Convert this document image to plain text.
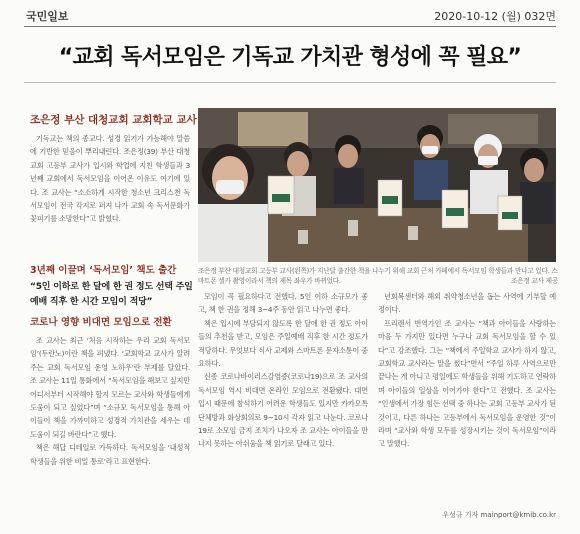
국민일보	2020-10-12 (월) 032면
“교회 독서모임은 기독교 가치관 형성에 꼭 필요”
조은정 부산 대청교회 교회학교 교사

기독교는 책의 종교다. 성경 읽기가 가능해야 말씀에 기반한 믿음이 뿌리내린다. 조은정(39) 부산 대청교회 고등부 교사가 입시와 학업에 지친 학생들과 3년째 교회에서 독서모임을 이어온 이유도 여기에 있다. 조 교사는 “소소하게 시작한 청소년 크리스천 독서모임이 전국 각지로 퍼져 나가 교회 속 독서문화가 꽃피기를 소망한다”고 밝혔다.

3년째 이끌며 ‘독서모임’ 책도 출간
“5인 이하로 한 달에 한 권 정도 선택 주일예배 직후 한 시간 모임이 적당”
코로나 영향 비대면 모임으로 전환

조 교사는 최근 ‘처음 시작하는 우리 교회 독서모임’(두란노)이란 책을 펴냈다. ‘교회학교 교사가 알려주는 교회 독서모임 운영 노하우’란 부제를 달았다. 조 교사는 11일 통화에서 “독서모임을 해보고 싶지만 어디서부터 시작해야 할지 모르는 교사와 학생들에게 도움이 되고 싶었다”며 “소규모 독서모임을 통해 아이들이 책을 가까이하고 성경적 가치관을 세우는 데 도움이 되길 바란다”고 했다.

책은 해답 디테일로 가득하다. 독서모임을 ‘내성적 학생들을 위한 비밀 통로’라고 표현한다.

조은정 부산 대청교회 고등부 교사(왼쪽)가 지난달 출간한 책을 나누기 위해 교회 근처 카페에서 독서모임 학생들과 만나고 있다. 스마트폰 셀카 촬영이라서 책의 제목 좌우가 바뀌었다.	조은정 교사 제공

모임이 꼭 필요하다고 전했다. 5인 이하 소규모가 좋고, 책 한 권을 정해 3~4주 동안 읽고 나누면 좋다.

책은 입시에 부담되지 않도록 한 달에 한 권 정도 아이들의 추천을 받고, 모임은 주일예배 직후 한 시간 정도가 적당하다. 무엇보다 식사 교제와 스마트폰 문자소통이 중요하다.

신종 코로나바이러스감염증(코로나19)으로 조 교사의 독서모임 역시 비대면 온라인 모임으로 전환됐다. 대면 입시 때문에 참석하기 어려운 학생들도 있지만 카카오톡 단체방과 화상회의로 9~10시 각자 읽고 나눈다. 코로나19로 소모임 금지 조치가 나오자 조 교사는 아이들을 만나지 못하는 아쉬움을 책 읽기로 달래고 있다.

년회복센터와 해외 취약청소년을 돕는 사역에 기부할 예정이다.

프리랜서 번역가인 조 교사는 “책과 아이들을 사랑하는 마음 두 가지만 있다면 누구나 교회 독서모임을 할 수 있다”고 강조했다. 그는 “책에서 주일학교 교사가 하지 않고, 교회학교 교사라는 말을 썼다”면서 “주일 하루 사역으로만 끝나는 게 아니고 평일에도 학생들을 위해 기도하고 연락하며 아이들의 일상을 이어가야 한다”고 전했다. 조 교사는 “인생에서 가장 힘든 선택 중 하나는 교회 고등부 교사가 된 것이고, 다른 하나는 고등부에서 독서모임을 운영한 것”이라며 “교사와 학생 모두를 성장시키는 것이 독서모임”이라고 말했다.

우성규 기자 mainport@kmib.co.kr
